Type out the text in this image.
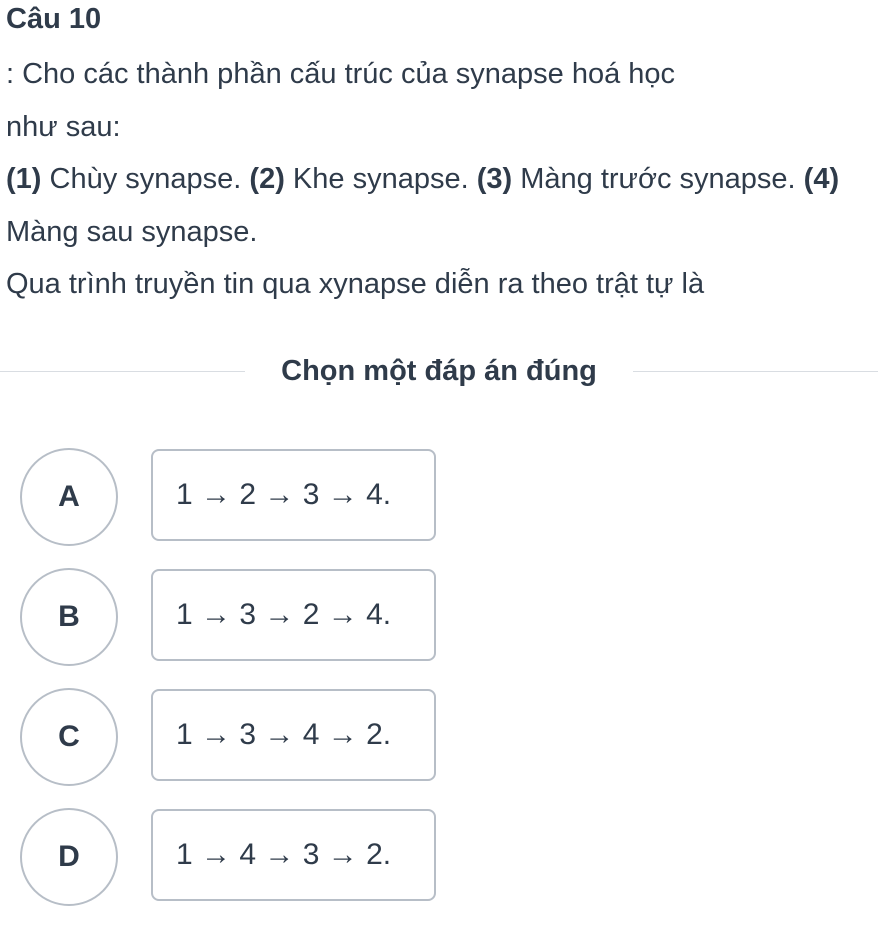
Câu 10

: Cho các thành phần cấu trúc của synapse hoá học

như sau:

(1) Chùy synapse. (2) Khe synapse. (3) Màng trước synapse. (4) Màng sau synapse.

Qua trình truyền tin qua xynapse diễn ra theo trật tự là

Chọn một đáp án đúng
A	1 → 2 → 3 → 4.
B	1 → 3 → 2 → 4.
C	1 → 3 → 4 → 2.
D	1 → 4 → 3 → 2.
